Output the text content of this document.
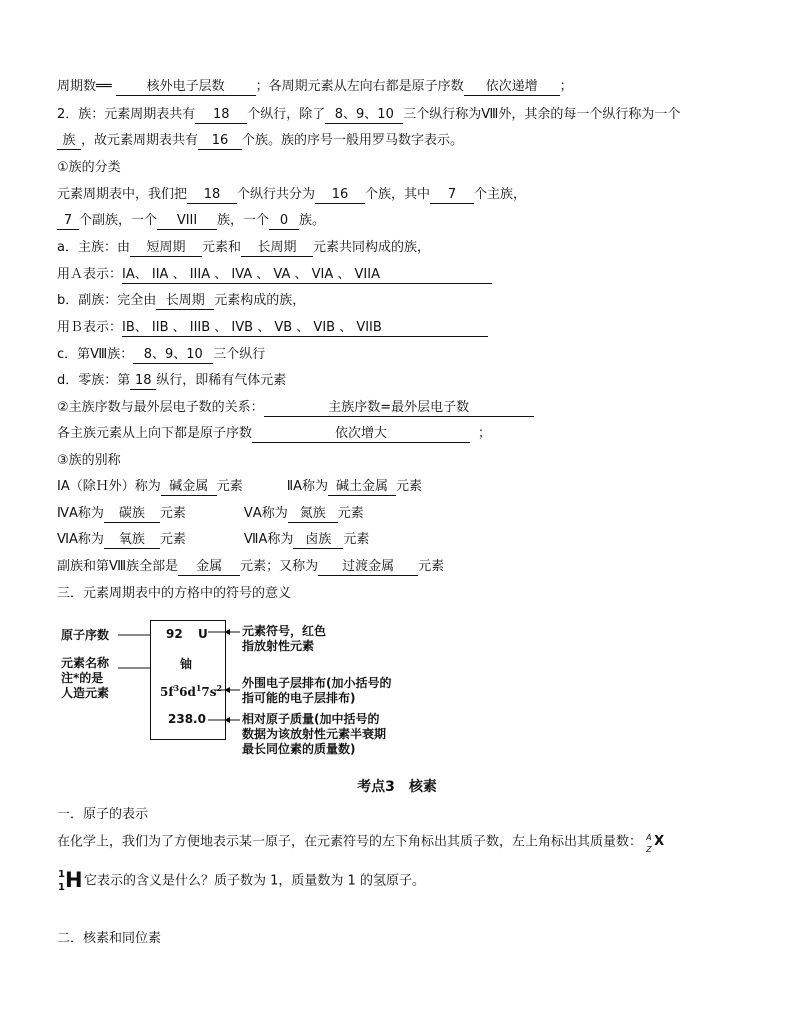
周期数══	核外电子层数 ；各周期元素从左向右都是原子序数 依次递增 ；
2．族：元素周期表共有 18 个纵行，除了 8、9、10 三个纵行称为Ⅷ外，其余的每一个纵行称为一个
族 ，故元素周期表共有 16 个族。族的序号一般用罗马数字表示。
①族的分类
元素周期表中，我们把 18 个纵行共分为 16 个族，其中 7 个主族，
7 个副族，一个 VIII 族，一个 0 族。
a．主族：由 短周期 元素和 长周期 元素共同构成的族，
用Ａ表示：ⅠA、 IIA 、 IIIA 、 IVA 、 VA 、 VIA 、 VIIA
b．副族：完全由 长周期 元素构成的族，
用Ｂ表示：ⅠB、 IIB 、 IIIB 、 IVB 、 VB 、 VIB 、 VIIB
c．第Ⅷ族： 8、9、10 三个纵行
d．零族：第 18 纵行，即稀有气体元素
②主族序数与最外层电子数的关系：	主族序数=最外层电子数
各主族元素从上向下都是原子序数	依次增大	；
③族的别称
ⅠA（除Ｈ外）称为 碱金属 元素	ⅡA称为 碱土金属 元素
ⅣA称为 碳族 元素	ⅤA称为 氮族 元素
ⅥA称为 氧族 元素	ⅦA称为 卤族 元素
副族和第Ⅷ族全部是 金属 元素；又称为 过渡金属 元素
三．元素周期表中的方格中的符号的意义
原子序数
元素名称
注*的是
人造元素
92 U
铀
$5f^36d^17s^2$
238.0
元素符号，红色
指放射性元素
外围电子层排布(加小括号的
指可能的电子层排布)
相对原子质量(加中括号的
数据为该放射性元素半衰期
最长同位素的质量数)
考点3　核素
一．原子的表示
在化学上，我们为了方便地表示某一原子，在元素符号的左下角标出其质子数，左上角标出其质量数： A
Z
X
1
1 H 它表示的含义是什么？质子数为 1，质量数为 1 的氢原子。
二．核素和同位素
